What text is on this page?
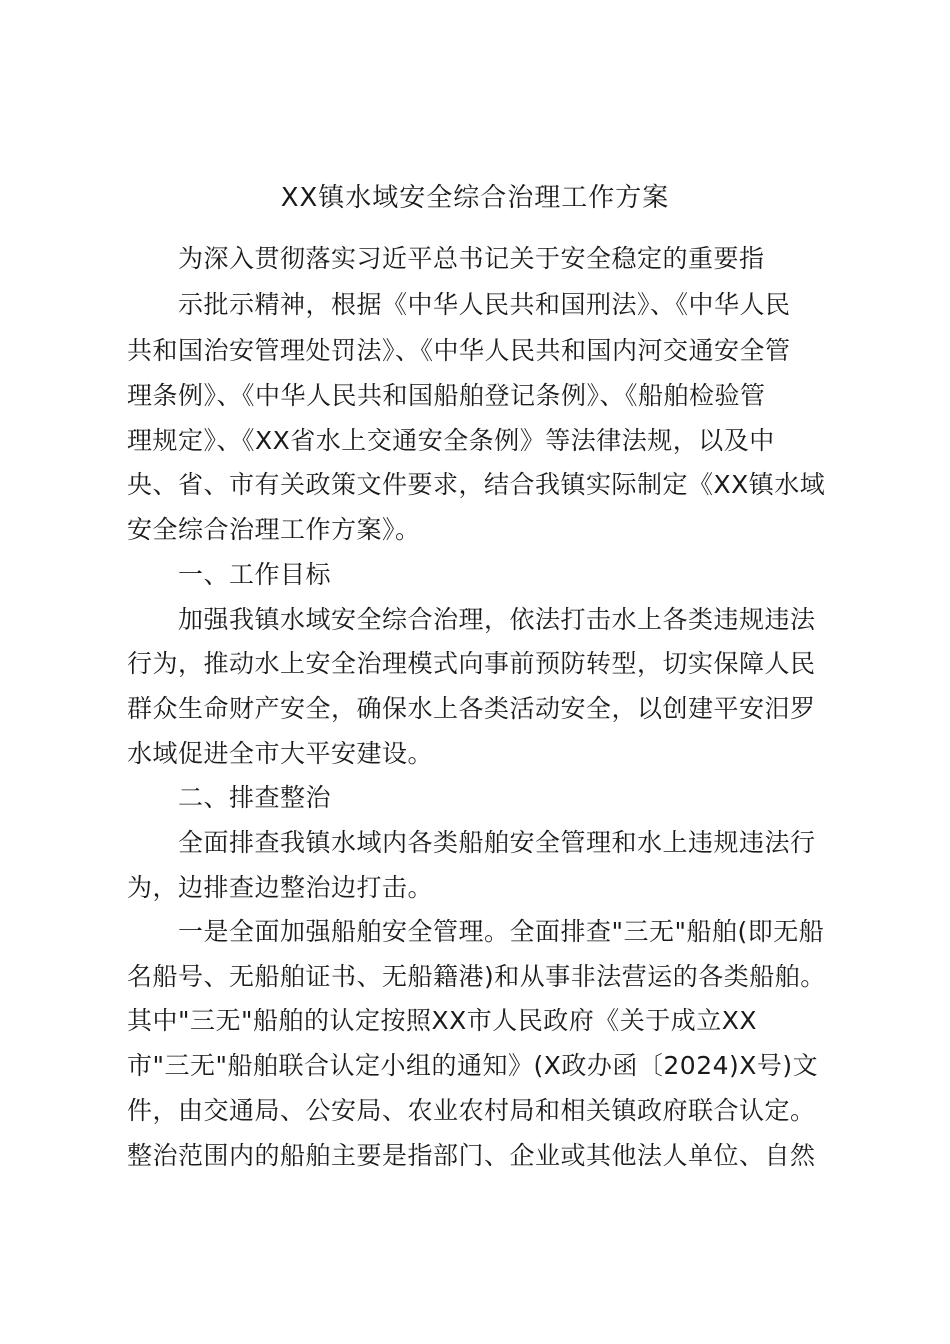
XX镇水域安全综合治理工作方案
为深入贯彻落实习近平总书记关于安全稳定的重要指
示批示精神，根据《中华人民共和国刑法》、《中华人民
共和国治安管理处罚法》、《中华人民共和国内河交通安全管
理条例》、《中华人民共和国船舶登记条例》、《船舶检验管
理规定》、《XX省水上交通安全条例》等法律法规，以及中
央、省、市有关政策文件要求，结合我镇实际制定《XX镇水域
安全综合治理工作方案》。
一、工作目标
加强我镇水域安全综合治理，依法打击水上各类违规违法
行为，推动水上安全治理模式向事前预防转型，切实保障人民
群众生命财产安全，确保水上各类活动安全，以创建平安汨罗
水域促进全市大平安建设。
二、排查整治
全面排查我镇水域内各类船舶安全管理和水上违规违法行
为，边排查边整治边打击。
一是全面加强船舶安全管理。全面排查"三无"船舶(即无船
名船号、无船舶证书、无船籍港)和从事非法营运的各类船舶。
其中"三无"船舶的认定按照XX市人民政府《关于成立XX
市"三无"船舶联合认定小组的通知》(X政办函〔2024)X号)文
件，由交通局、公安局、农业农村局和相关镇政府联合认定。
整治范围内的船舶主要是指部门、企业或其他法人单位、自然
